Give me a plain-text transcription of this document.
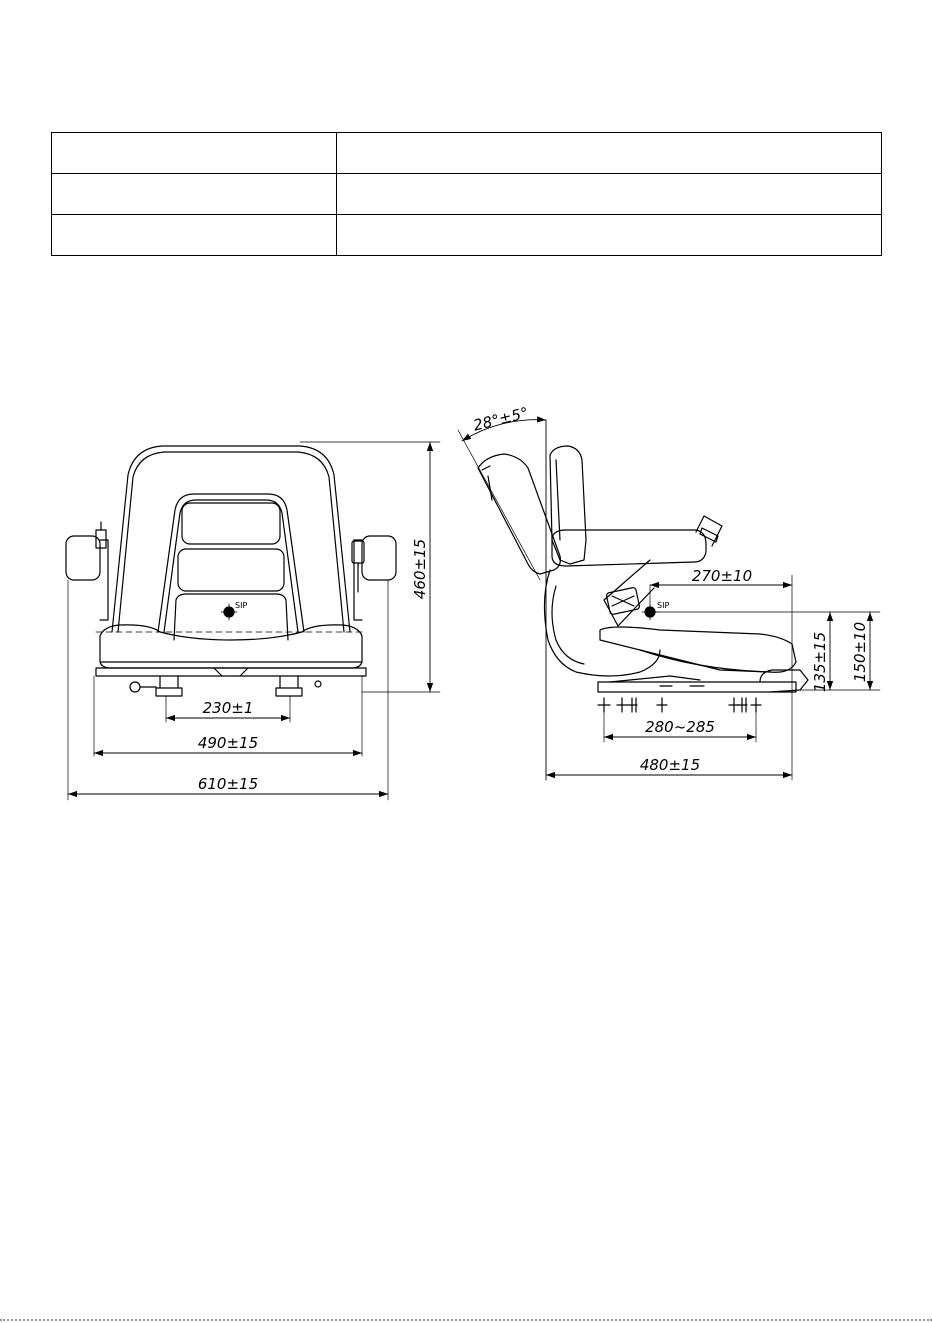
SIP
460±15
230±1
490±15
610±15
28°±5°
SIP
270±10
135±15 150±10
280~285
480±15
